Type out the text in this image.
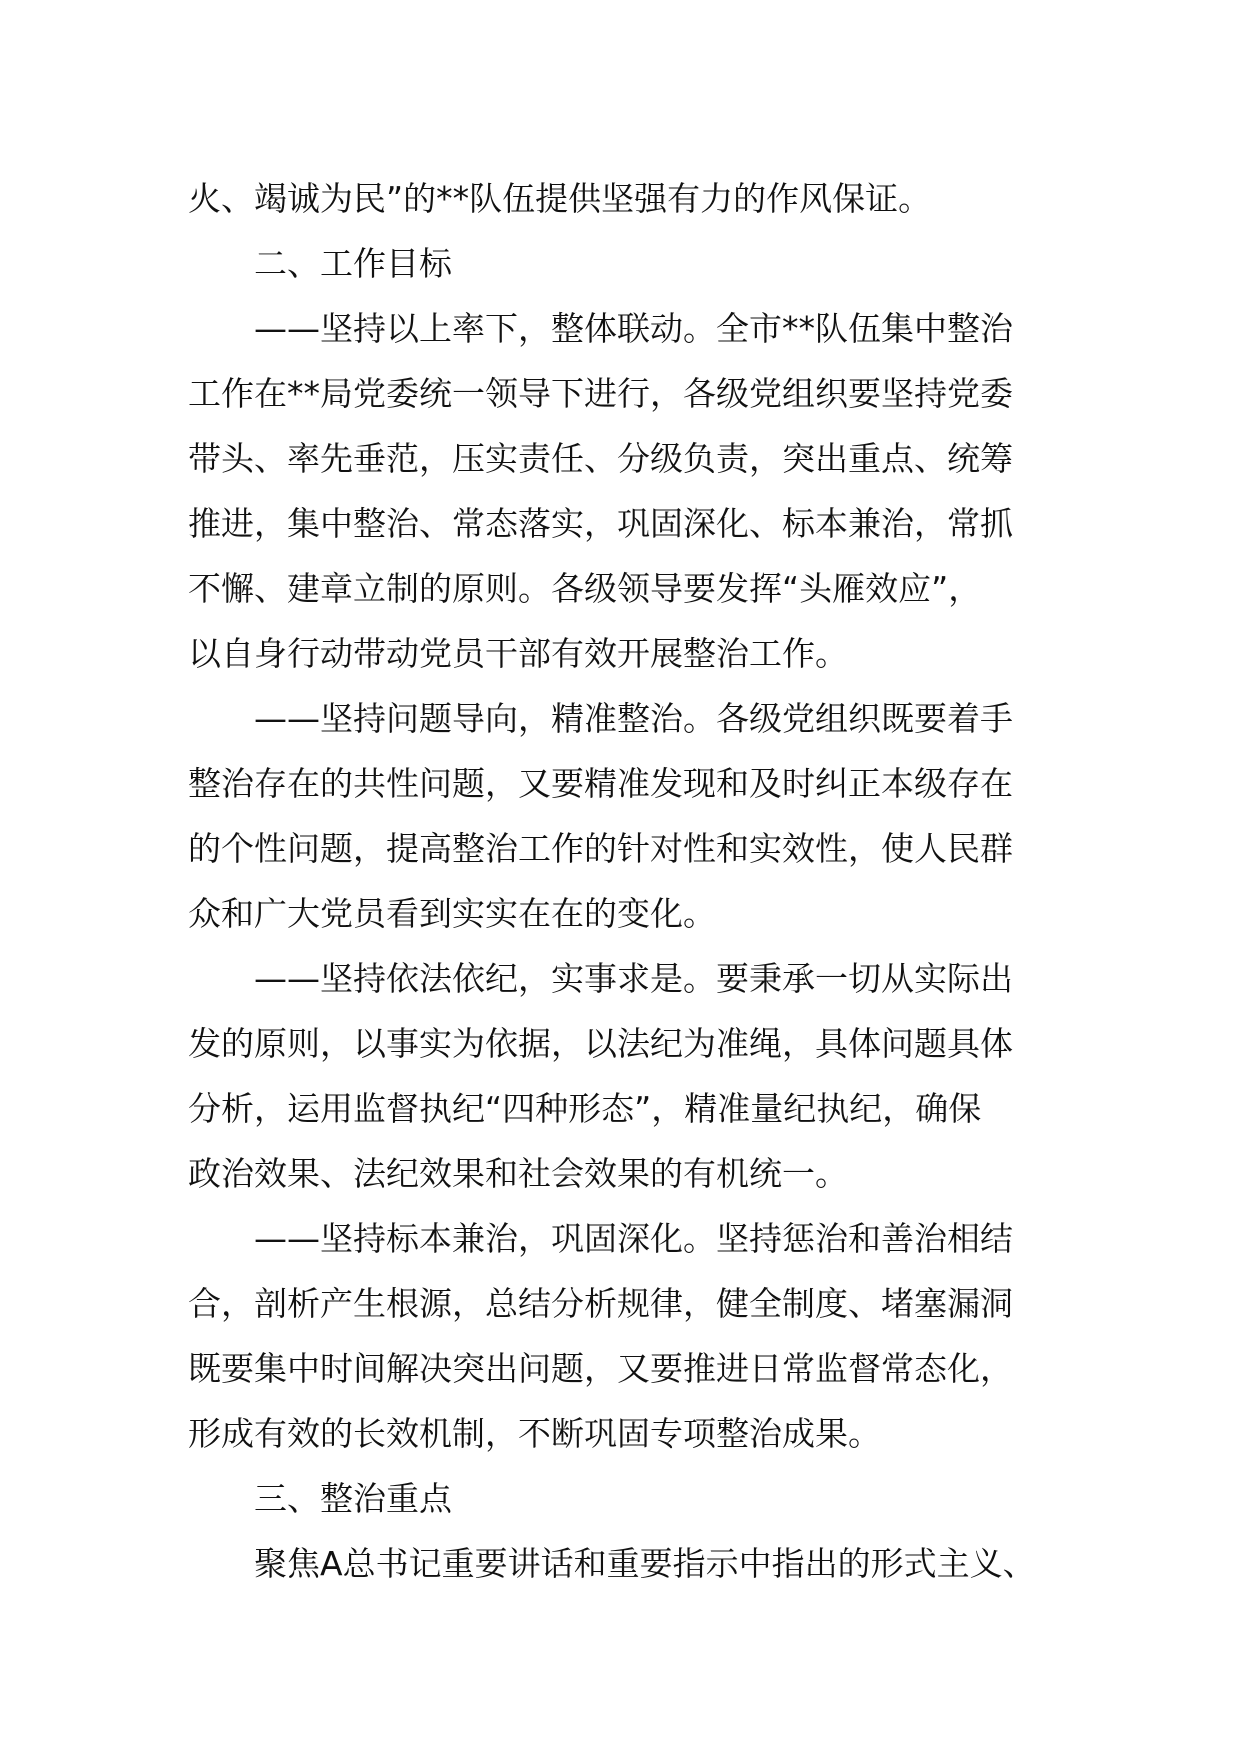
火、竭诚为民”的**队伍提供坚强有力的作风保证。
二、工作目标
——坚持以上率下，整体联动。全市**队伍集中整治
工作在**局党委统一领导下进行，各级党组织要坚持党委
带头、率先垂范，压实责任、分级负责，突出重点、统筹
推进，集中整治、常态落实，巩固深化、标本兼治，常抓
不懈、建章立制的原则。各级领导要发挥“头雁效应”，
以自身行动带动党员干部有效开展整治工作。
——坚持问题导向，精准整治。各级党组织既要着手
整治存在的共性问题，又要精准发现和及时纠正本级存在
的个性问题，提高整治工作的针对性和实效性，使人民群
众和广大党员看到实实在在的变化。
——坚持依法依纪，实事求是。要秉承一切从实际出
发的原则，以事实为依据，以法纪为准绳，具体问题具体
分析，运用监督执纪“四种形态”，精准量纪执纪，确保
政治效果、法纪效果和社会效果的有机统一。
——坚持标本兼治，巩固深化。坚持惩治和善治相结
合，剖析产生根源，总结分析规律，健全制度、堵塞漏洞
既要集中时间解决突出问题，又要推进日常监督常态化，
形成有效的长效机制，不断巩固专项整治成果。
三、整治重点
聚焦A总书记重要讲话和重要指示中指出的形式主义、
